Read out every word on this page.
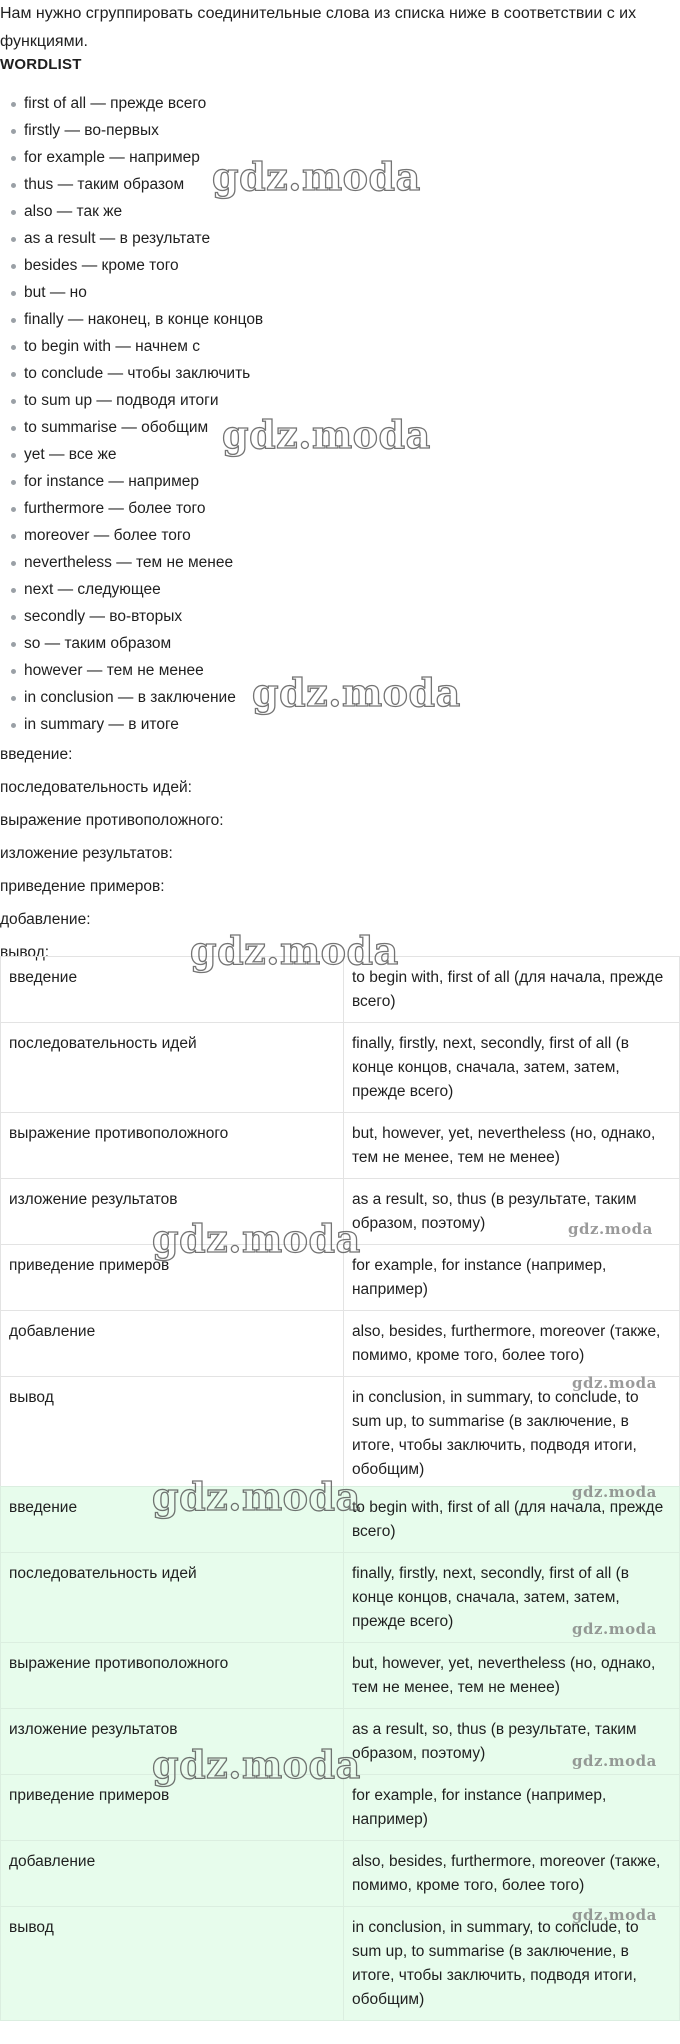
Нам нужно сгруппировать соединительные слова из списка ниже в соответствии с их функциями.
WORDLIST
first of all — прежде всего
firstly — во-первых
for example — например
thus — таким образом
also — так же
as a result — в результате
besides — кроме того
but — но
finally — наконец, в конце концов
to begin with — начнем с
to conclude — чтобы заключить
to sum up — подводя итоги
to summarise — обобщим
yet — все же
for instance — например
furthermore — более того
moreover — более того
nevertheless — тем не менее
next — следующее
secondly — во-вторых
so — таким образом
however — тем не менее
in conclusion — в заключение
in summary — в итоге
введение:
последовательность идей:
выражение противоположного:
изложение результатов:
приведение примеров:
добавление:
вывод:
введение	to begin with, first of all (для начала, прежде всего)
последовательность идей	finally, firstly, next, secondly, first of all (в конце концов, сначала, затем, затем, прежде всего)
выражение противоположного	but, however, yet, nevertheless (но, однако, тем не менее, тем не менее)
изложение результатов	as a result, so, thus (в результате, таким образом, поэтому)
приведение примеров	for example, for instance (например, например)
добавление	also, besides, furthermore, moreover (также, помимо, кроме того, более того)
вывод	in conclusion, in summary, to conclude, to sum up, to summarise (в заключение, в итоге, чтобы заключить, подводя итоги, обобщим)
введение	to begin with, first of all (для начала, прежде всего)
последовательность идей	finally, firstly, next, secondly, first of all (в конце концов, сначала, затем, затем, прежде всего)
выражение противоположного	but, however, yet, nevertheless (но, однако, тем не менее, тем не менее)
изложение результатов	as a result, so, thus (в результате, таким образом, поэтому)
приведение примеров	for example, for instance (например, например)
добавление	also, besides, furthermore, moreover (также, помимо, кроме того, более того)
вывод	in conclusion, in summary, to conclude, to sum up, to summarise (в заключение, в итоге, чтобы заключить, подводя итоги, обобщим)
gdz.moda
gdz.moda
gdz.moda
gdz.moda
gdz.moda	gdz.moda
gdz.moda
gdz.moda
gdz.moda
gdz.moda
gdz.moda
